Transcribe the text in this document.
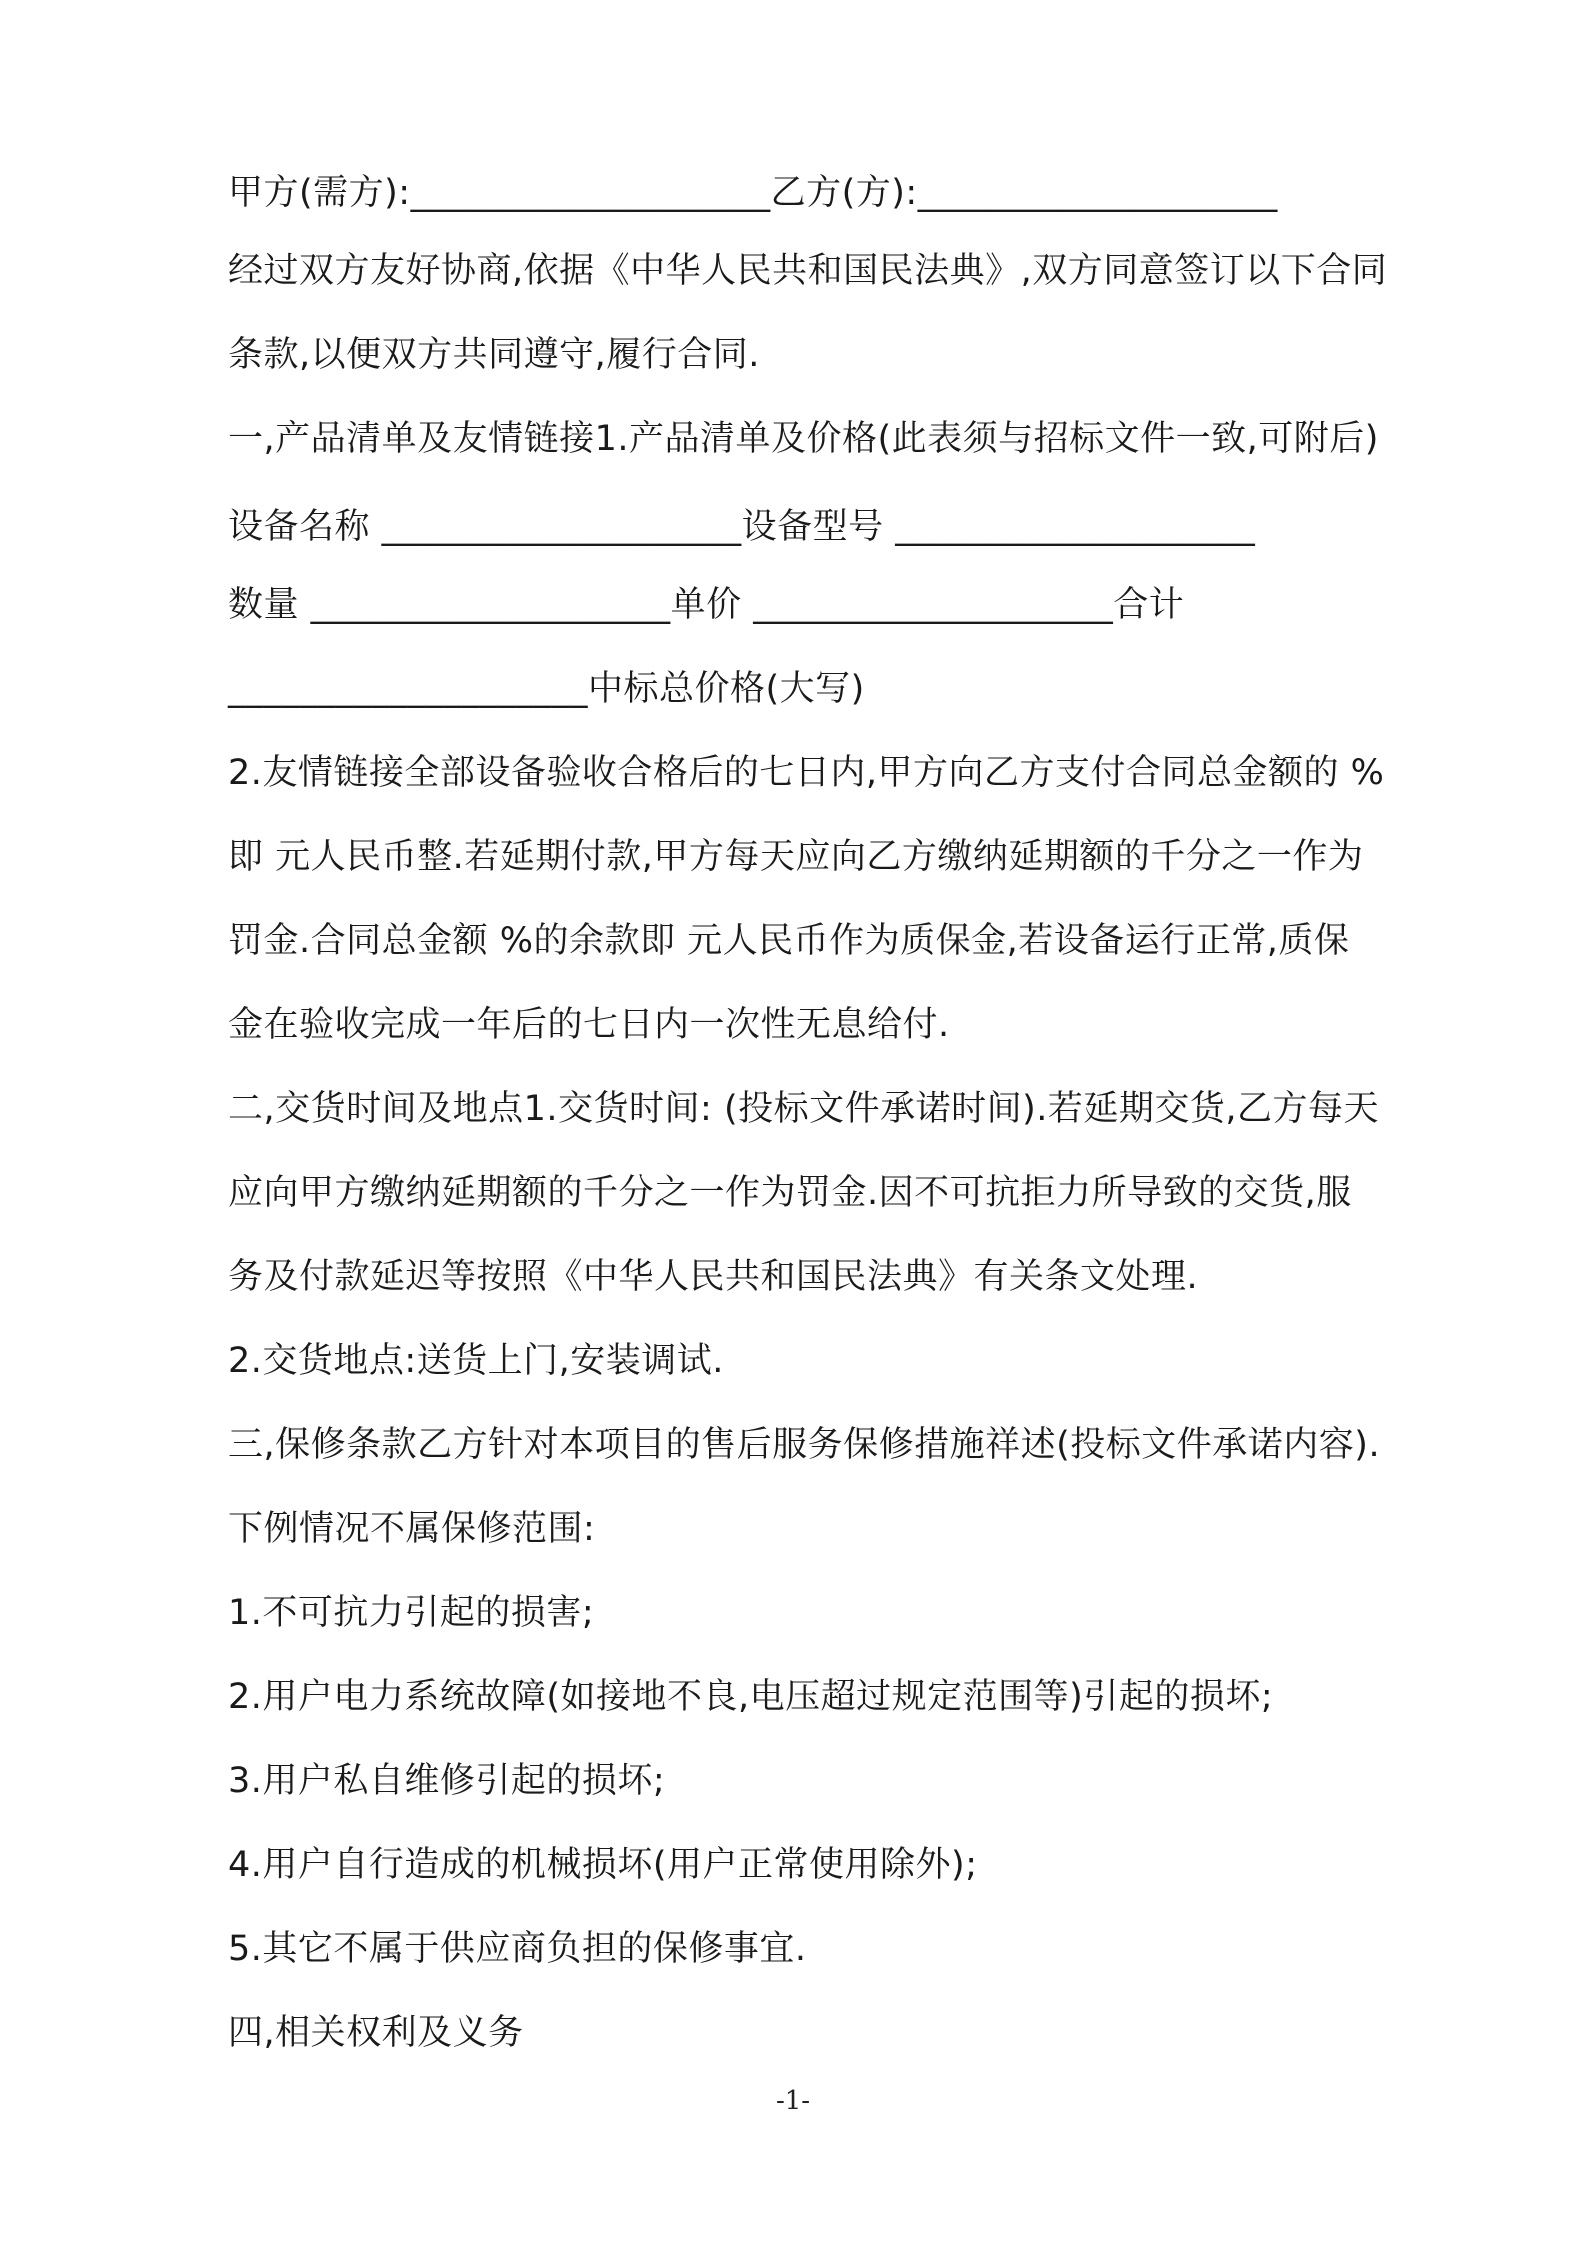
甲方(需方):____________________乙方(方):____________________
经过双方友好协商,依据《中华人民共和国民法典》,双方同意签订以下合同
条款,以便双方共同遵守,履行合同.
一,产品清单及友情链接1.产品清单及价格(此表须与招标文件一致,可附后)
设备名称 ____________________设备型号 ____________________
数量 ____________________单价 ____________________合计
____________________中标总价格(大写)
2.友情链接全部设备验收合格后的七日内,甲方向乙方支付合同总金额的 %
即 元人民币整.若延期付款,甲方每天应向乙方缴纳延期额的千分之一作为
罚金.合同总金额 %的余款即 元人民币作为质保金,若设备运行正常,质保
金在验收完成一年后的七日内一次性无息给付.
二,交货时间及地点1.交货时间: (投标文件承诺时间).若延期交货,乙方每天
应向甲方缴纳延期额的千分之一作为罚金.因不可抗拒力所导致的交货,服
务及付款延迟等按照《中华人民共和国民法典》有关条文处理.
2.交货地点:送货上门,安装调试.
三,保修条款乙方针对本项目的售后服务保修措施祥述(投标文件承诺内容).
下例情况不属保修范围:
1.不可抗力引起的损害;
2.用户电力系统故障(如接地不良,电压超过规定范围等)引起的损坏;
3.用户私自维修引起的损坏;
4.用户自行造成的机械损坏(用户正常使用除外);
5.其它不属于供应商负担的保修事宜.
四,相关权利及义务
-1-
